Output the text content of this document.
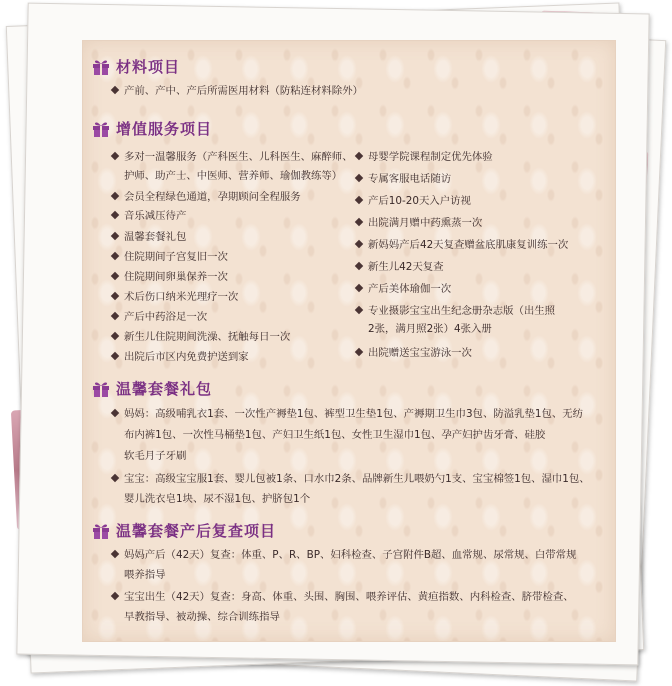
材料项目
产前、产中、产后所需医用材料（防粘连材料除外）
增值服务项目
多对一温馨服务（产科医生、儿科医生、麻醉师、
护师、助产士、中医师、营养师、瑜伽教练等）
会员全程绿色通道，孕期顾问全程服务
音乐减压待产
温馨套餐礼包
住院期间子宫复旧一次
住院期间卵巢保养一次
术后伤口纳米光理疗一次
产后中药浴足一次
新生儿住院期间洗澡、抚触每日一次
出院后市区内免费护送到家
母婴学院课程制定优先体验
专属客服电话随访
产后10-20天入户访视
出院满月赠中药熏蒸一次
新妈妈产后42天复查赠盆底肌康复训练一次
新生儿42天复查
产后美体瑜伽一次
专业摄影宝宝出生纪念册杂志版（出生照
2张，满月照2张）4张入册
出院赠送宝宝游泳一次
温馨套餐礼包
妈妈：高级哺乳衣1套、一次性产褥垫1包、裤型卫生垫1包、产褥期卫生巾3包、防溢乳垫1包、无纺
布内裤1包、一次性马桶垫1包、产妇卫生纸1包、女性卫生湿巾1包、孕产妇护齿牙膏、硅胶
软毛月子牙刷
宝宝：高级宝宝服1套、婴儿包被1条、口水巾2条、品牌新生儿喂奶勺1支、宝宝棉签1包、湿巾1包、
婴儿洗衣皂1块、尿不湿1包、护脐包1个
温馨套餐产后复查项目
妈妈产后（42天）复查：体重、P、R、BP、妇科检查、子宫附件B超、血常规、尿常规、白带常规
喂养指导
宝宝出生（42天）复查：身高、体重、头围、胸围、喂养评估、黄疸指数、内科检查、脐带检查、
早教指导、被动操、综合训练指导
